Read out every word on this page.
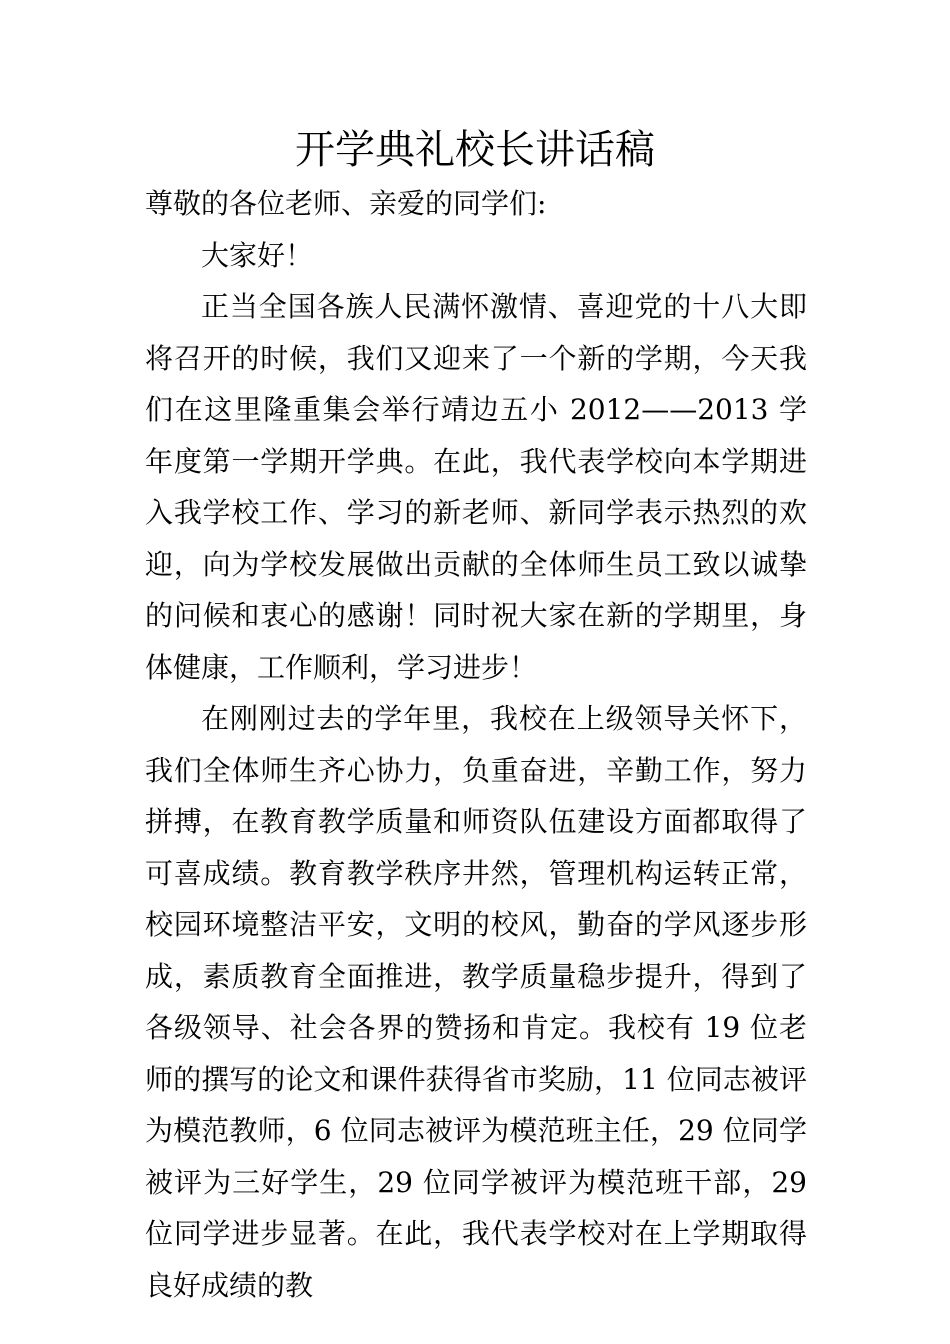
开学典礼校长讲话稿

尊敬的各位老师、亲爱的同学们:

大家好！

正当全国各族人民满怀激情、喜迎党的十八大即将召开的时候，我们又迎来了一个新的学期，今天我们在这里隆重集会举行靖边五小 2012——2013 学年度第一学期开学典。在此，我代表学校向本学期进入我学校工作、学习的新老师、新同学表示热烈的欢迎，向为学校发展做出贡献的全体师生员工致以诚挚的问候和衷心的感谢！同时祝大家在新的学期里，身体健康，工作顺利，学习进步！

在刚刚过去的学年里，我校在上级领导关怀下，我们全体师生齐心协力，负重奋进，辛勤工作，努力拼搏，在教育教学质量和师资队伍建设方面都取得了可喜成绩。教育教学秩序井然，管理机构运转正常，校园环境整洁平安，文明的校风，勤奋的学风逐步形成，素质教育全面推进，教学质量稳步提升，得到了各级领导、社会各界的赞扬和肯定。我校有 19 位老师的撰写的论文和课件获得省市奖励，11 位同志被评为模范教师，6 位同志被评为模范班主任，29 位同学被评为三好学生，29 位同学被评为模范班干部，29 位同学进步显著。在此，我代表学校对在上学期取得良好成绩的教
